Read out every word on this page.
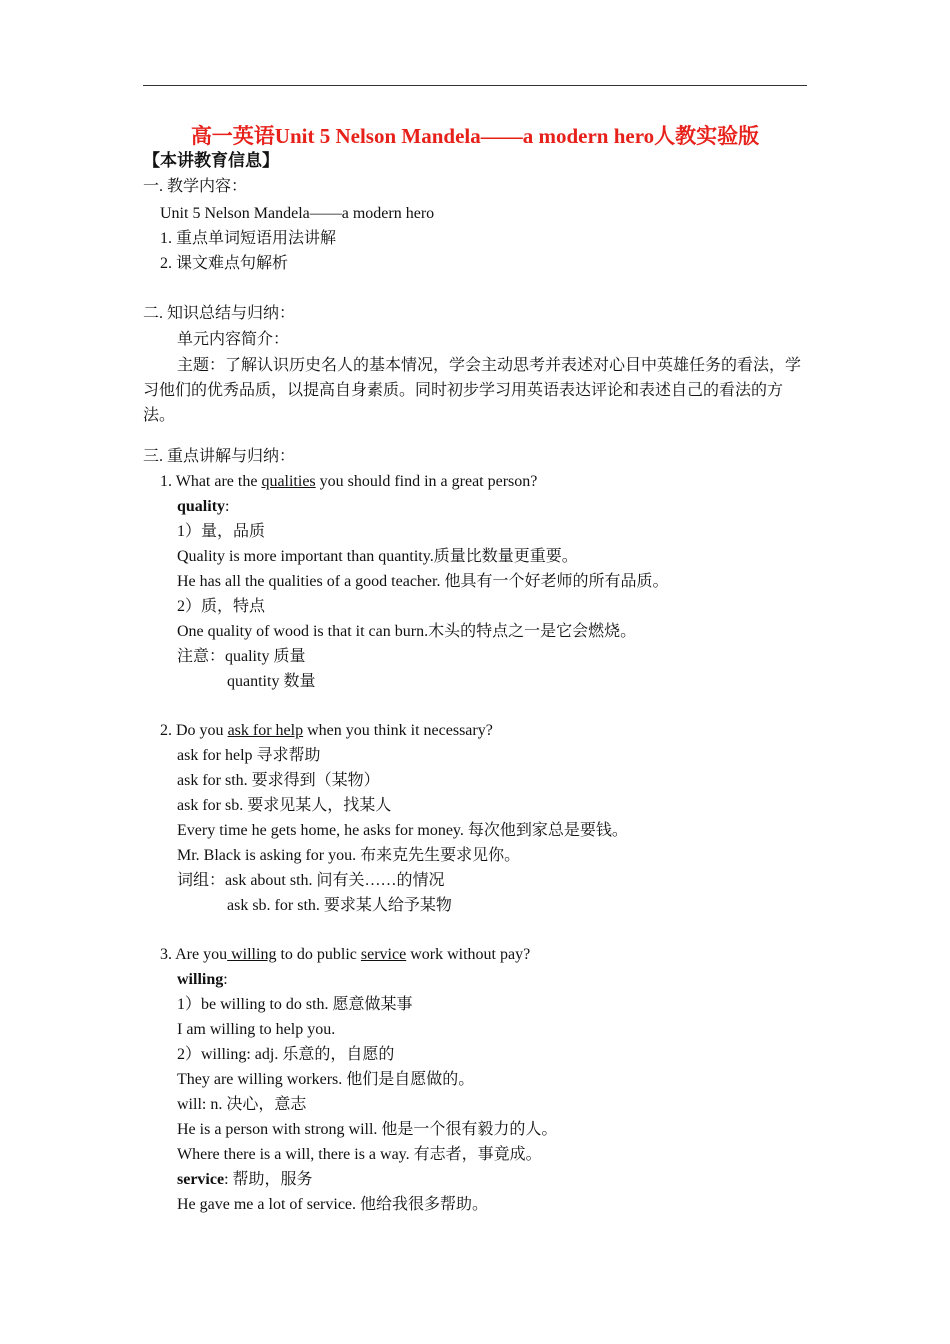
高一英语Unit 5 Nelson Mandela——a modern hero人教实验版
【本讲教育信息】
一. 教学内容：
Unit 5 Nelson Mandela——a modern hero
1. 重点单词短语用法讲解
2. 课文难点句解析
二. 知识总结与归纳：
单元内容简介：
主题：了解认识历史名人的基本情况，学会主动思考并表述对心目中英雄任务的看法，学习他们的优秀品质，以提高自身素质。同时初步学习用英语表达评论和表述自己的看法的方法。
三. 重点讲解与归纳：
1. What are the qualities you should find in a great person?
quality:
1）量，品质
Quality is more important than quantity.质量比数量更重要。
He has all the qualities of a good teacher. 他具有一个好老师的所有品质。
2）质，特点
One quality of wood is that it can burn.木头的特点之一是它会燃烧。
注意：quality 质量
quantity 数量
2. Do you ask for help when you think it necessary?
ask for help 寻求帮助
ask for sth. 要求得到（某物）
ask for sb. 要求见某人，找某人
Every time he gets home, he asks for money. 每次他到家总是要钱。
Mr. Black is asking for you. 布来克先生要求见你。
词组：ask about sth. 问有关……的情况
ask sb. for sth. 要求某人给予某物
3. Are you willing to do public service work without pay?
willing:
1）be willing to do sth. 愿意做某事
I am willing to help you.
2）willing: adj. 乐意的，自愿的
They are willing workers. 他们是自愿做的。
will: n. 决心，意志
He is a person with strong will. 他是一个很有毅力的人。
Where there is a will, there is a way. 有志者，事竟成。
service: 帮助，服务
He gave me a lot of service. 他给我很多帮助。
